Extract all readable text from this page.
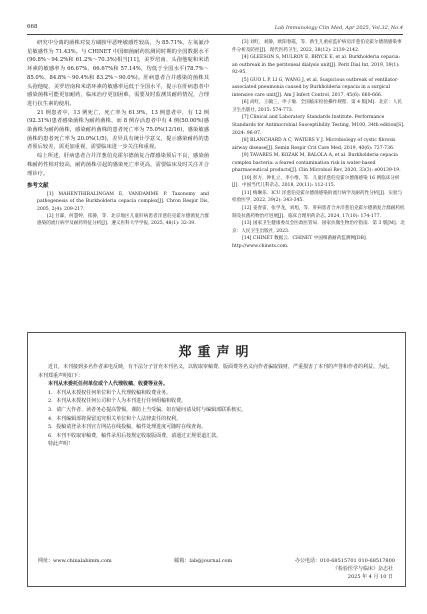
668	Lab Immunology Clin Med, Apr 2025, Vol.32, No.4

研究中分离的菌株对复方磺胺甲恶唑敏感性较高，为 85.71%，左氧氟沙星敏感性为 71.43%。与 CHINET 中国细菌耐药监测同时期的全国数据水平(90.8%～94.2%和 61.2%～70.3%)相当[11]，美罗培南、头孢他啶和米诺环素的敏感率为 66.67%、66.67%和 57.14%，均低于全国水平(78.7%～85.0%、84.8%～90.4%和 83.2%～90.0%)。肝病患者合并感染的菌株其头孢他啶、美罗培南和米诺环素的敏感率远低于全国水平，提示在肝病患者中感染菌株可能更加耐药，临床治疗更加困难，需要及时监测其耐药情况，合理进行抗生素的使用。

21 例患者中，13 例死亡，死亡率为 61.9%。13 例患者中，有 12 例(92.31%)患者感染菌株为耐药菌株，而 8 例存活患者中有 4 例(50.00%)感染菌株为耐药菌株，感染耐药菌株的患者死亡率为 75.0%(12/16)，感染敏感菌株的患者死亡率为 20.0%(1/5)，差异具有统计学意义，提示感染耐药的患者预后较差，需更加重视，需要临床进一步关注和重视。

综上所述，肝病患者合并洋葱伯克霍尔德菌复合群感染预后不良，感染菌株耐药性相对较高，耐药菌株引起的感染死亡率更高，需要临床及时关注并合理诊疗。

参考文献

[1] MAHENTHIRALINGAM E, VANDAMME P. Taxonomy and pathogenesis of the Burkholderia cepacia complex[J]. Chron Respir Dis, 2005, 2(4): 209-217.

[2] 甘霖，何慧婷，崔静，等．北京地区儿童肝病患者洋葱伯克霍尔德菌复合群感染的流行病学及耐药特征分析[J]．遵义医科大学学报, 2025, 48(1): 32-39.

[3] 刘红，刘静，欧阳春霞，等．新生儿重症监护病房洋葱伯克霍尔德菌感染事件分析及防控[J]．现代医药卫生, 2022, 38(12): 2139-2142.

[4] GLEESON S, MULROY E, BRYCE E, et al. Burkholderia cepacia: an outbreak in the peritoneal dialysis unit[J]. Perit Dial Int, 2019, 39(1): 92-95.

[5] GUO L P, LI G, WANG J, et al. Suspicious outbreak of ventilator-associated pneumonia caused by Burkholderia cepacia in a surgical intensive care unit[J]. Am J Infect Control, 2017, 45(6): 660-666.

[6] 尚红，王毓三，申子瑜．全国临床检验操作规程．第 4 版[M]．北京：人民卫生出版社, 2015: 574-773.

[7] Clinical and Laboratory Standards Institute. Performance Standards for Antimicrobial Susceptibility Testing, M100, 34th edition[S]. 2024: 96-97.

[8] BLANCHARD A C, WATERS V J. Microbiology of cystic fibrosis airway disease[J]. Semin Respir Crit Care Med, 2019, 40(6): 727-736.

[9] TAVARES M, KOZAK M, BALOLA A, et al. Burkholderia cepacia complex bacteria: a feared contamination risk in water-based pharmaceutical products[J]. Clin Microbiol Rev, 2020, 33(3): e00139-19.

[10] 彭方，钟礼立，李小维，等．儿童洋葱伯克霍尔德菌感染 16 例临床分析[J]．中国当代儿科杂志, 2018, 20(11): 112-115.

[11] 梅琳乐．ICU 洋葱伯克霍尔德菌感染的流行病学及耐药性分析[J]．实验与检验医学, 2022, 39(2): 343-345.

[12] 姜春雷，张学龙，刘旭，等．肝病患者合并洋葱伯克霍尔德菌复合群耐药机制及抗菌药物治疗进展[J]．临床合理用药杂志, 2024, 17(10): 174-177.

[13] 国家卫生健康委员会医政医管局．国家抗微生物治疗指南．第 3 版[M]．北京：人民卫生出版社, 2023.

[14] CHINET 数据云．CHINET 中国细菌耐药监测网[DB]．http://www.chinets.com.

郑重声明

近日，本刊接到多名作者来电反映，有不法分子冒充本刊名义，以收取审稿费、版面费等名义向作者骗取钱财，严重损害了本刊的声誉和作者的利益。为此，本刊郑重声明如下：

本刊从未委托任何单位或个人代理收稿、收费等业务。

1．本刊从未授权任何单位和个人代理收稿和收费业务。

2．本刊从未授权任何公司和个人为本刊进行任何组稿和收费。

3．请广大作者、读者务必提高警惕，谨防上当受骗，如有疑问请及时与编辑部联系核实。

4．本刊编辑部将保留追究相关单位和个人法律责任的权利。

5．投稿请登录本刊官方网站在线投稿，稿件处理进度可随时在线查询。

6．本刊不收取审稿费，稿件录用后按规定收取版面费，请通过正规渠道汇款。

特此声明！

网址：www.chinalabimm.com	邮箱：lab@journal.com	办公电话：010-68515701 010-68517800
《检验医学与临床》杂志社
2025 年 4 月 10 日
